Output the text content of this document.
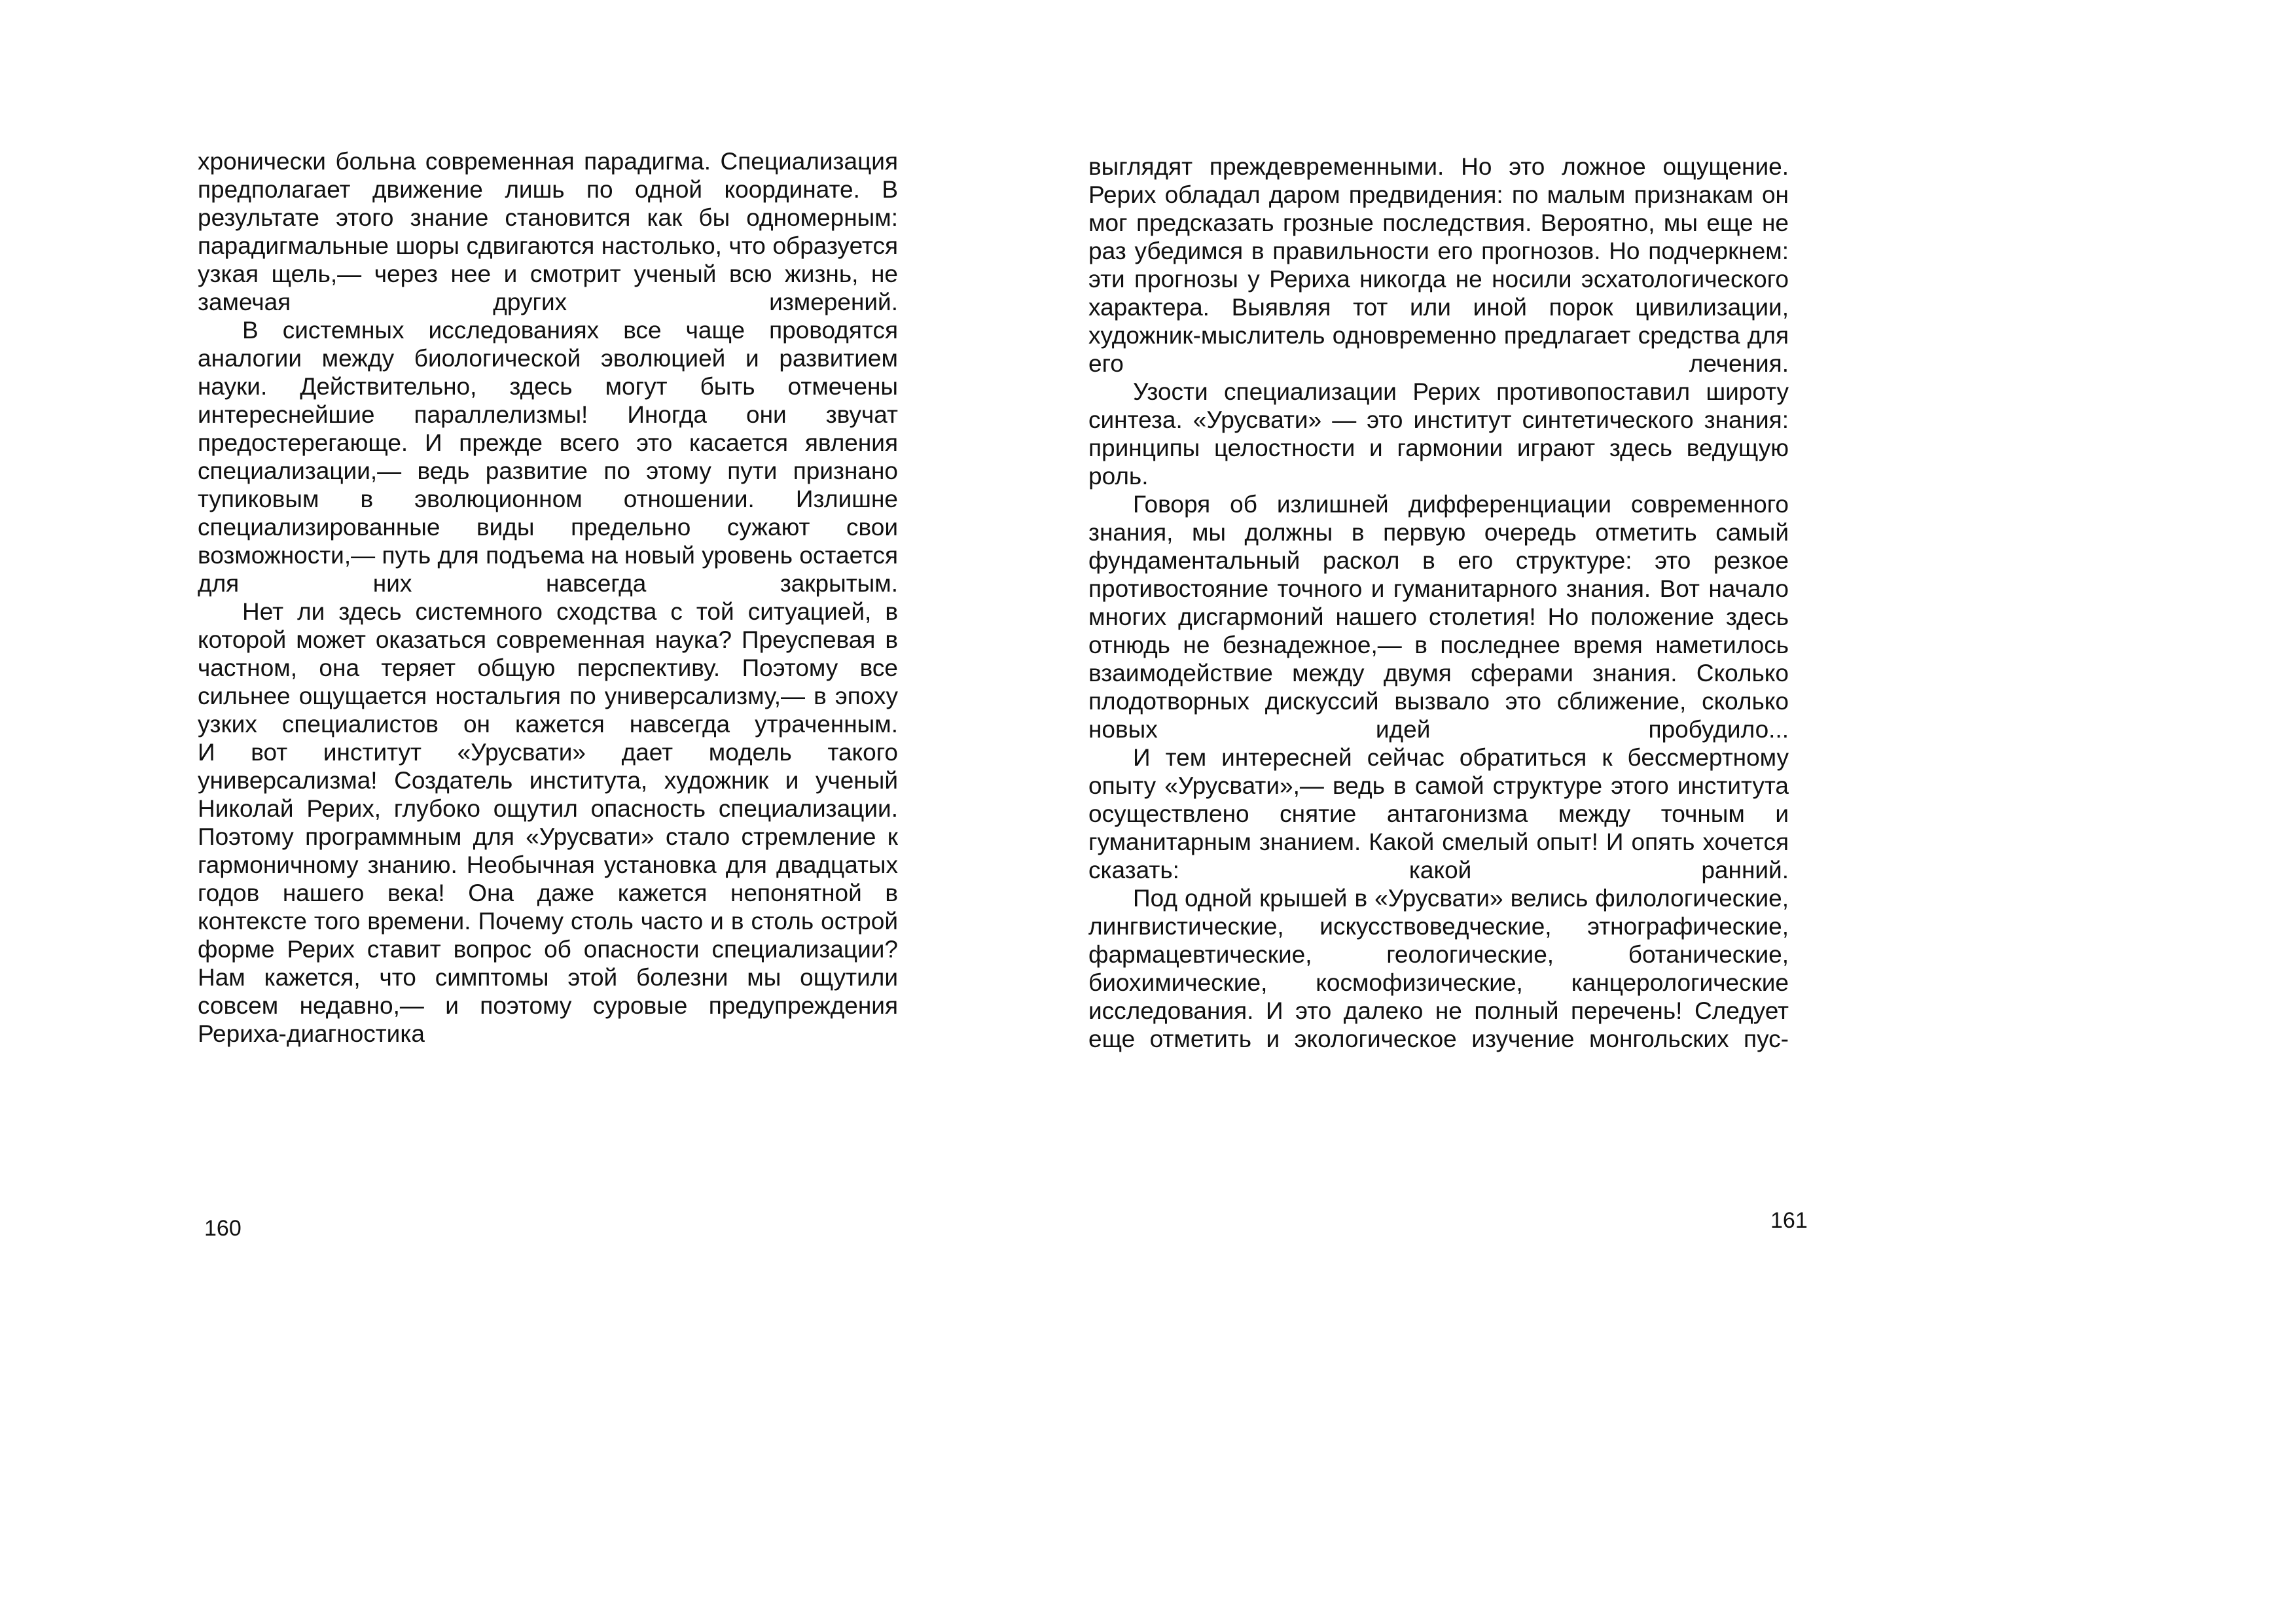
хронически больна современная парадигма. Специализация предполагает движение лишь по одной координате. В результате этого знание становится как бы одномерным: парадигмальные шоры сдвигаются настолько, что образуется узкая щель,— через нее и смотрит ученый всю жизнь, не замечая других измерений.

В системных исследованиях все чаще проводятся аналогии между биологической эволюцией и развитием науки. Действительно, здесь могут быть отмечены интереснейшие параллелизмы! Иногда они звучат предостерегающе. И прежде всего это касается явления специализации,— ведь развитие по этому пути признано тупиковым в эволюционном отношении. Излишне специализированные виды предельно сужают свои возможности,— путь для подъема на новый уровень остается для них навсегда закрытым.

Нет ли здесь системного сходства с той ситуацией, в которой может оказаться современная наука? Преуспевая в частном, она теряет общую перспективу. Поэтому все сильнее ощущается ностальгия по универсализму,— в эпоху узких специалистов он кажется навсегда утраченным.

И вот институт «Урусвати» дает модель такого универсализма! Создатель института, художник и ученый Николай Рерих, глубоко ощутил опасность специализации. Поэтому программным для «Урусвати» стало стремление к гармоничному знанию. Необычная установка для двадцатых годов нашего века! Она даже кажется непонятной в контексте того времени. Почему столь часто и в столь острой форме Рерих ставит вопрос об опасности специализации? Нам кажется, что симптомы этой болезни мы ощутили совсем недавно,— и поэтому суровые предупреждения Рериха-диагностика

выглядят преждевременными. Но это ложное ощущение. Рерих обладал даром предвидения: по малым признакам он мог предсказать грозные последствия. Вероятно, мы еще не раз убедимся в правильности его прогнозов. Но подчеркнем: эти прогнозы у Рериха никогда не носили эсхатологического характера. Выявляя тот или иной порок цивилизации, художник-мыслитель одновременно предлагает средства для его лечения.

Узости специализации Рерих противопоставил широту синтеза. «Урусвати» — это институт синтетического знания: принципы целостности и гармонии играют здесь ведущую роль.

Говоря об излишней дифференциации современного знания, мы должны в первую очередь отметить самый фундаментальный раскол в его структуре: это резкое противостояние точного и гуманитарного знания. Вот начало многих дисгармоний нашего столетия! Но положение здесь отнюдь не безнадежное,— в последнее время наметилось взаимодействие между двумя сферами знания. Сколько плодотворных дискуссий вызвало это сближение, сколько новых идей пробудило...

И тем интересней сейчас обратиться к бессмертному опыту «Урусвати»,— ведь в самой структуре этого института осуществлено снятие антагонизма между точным и гуманитарным знанием. Какой смелый опыт! И опять хочется сказать: какой ранний.

Под одной крышей в «Урусвати» велись филологические, лингвистические, искусствоведческие, этнографические, фармацевтические, геологические, ботанические, биохимические, космофизические, канцерологические исследования. И это далеко не полный перечень! Следует еще отметить и экологическое изучение монгольских пус-

160	161
